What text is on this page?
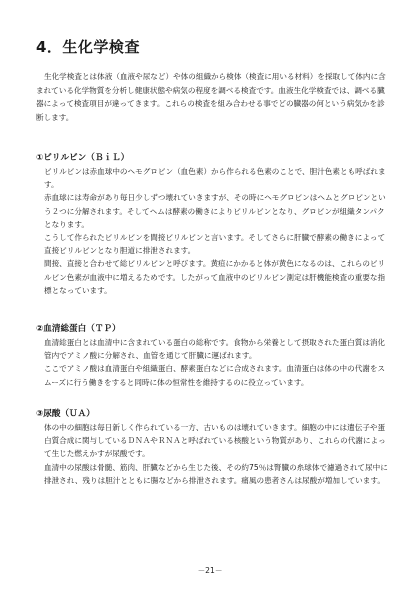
4．生化学検査

生化学検査とは体液（血液や尿など）や体の組織から検体（検査に用いる材料）を採取して体内に含まれている化学物質を分析し健康状態や病気の程度を調べる検査です。血液生化学検査では、調べる臓器によって検査項目が違ってきます。これらの検査を組み合わせる事でどの臓器の何という病気かを診断します。

①ビリルビン（ＢｉＬ）

ビリルビンは赤血球中のヘモグロビン（血色素）から作られる色素のことで、胆汁色素とも呼ばれます。

赤血球には寿命があり毎日少しずつ壊れていきますが、その時にヘモグロビンはヘムとグロビンという２つに分解されます。そしてヘムは酵素の働きによりビリルビンとなり、グロビンが組織タンパクとなります。

こうして作られたビリルビンを間接ビリルビンと言います。そしてさらに肝臓で酵素の働きによって直接ビリルビンとなり胆道に排泄されます。

間接、直接と合わせて総ビリルビンと呼びます。黄疸にかかると体が黄色になるのは、これらのビリルビン色素が血液中に増えるためです。したがって血液中のビリルビン測定は肝機能検査の重要な指標となっています。

②血清総蛋白（ＴＰ）

血清総蛋白とは血清中に含まれている蛋白の総称です。食物から栄養として摂取された蛋白質は消化管内でアミノ酸に分解され、血管を通じて肝臓に運ばれます。

ここでアミノ酸は血清蛋白や組織蛋白、酵素蛋白などに合成されます。血清蛋白は体の中の代謝をスムーズに行う働きをすると同時に体の恒常性を維持するのに役立っています。

③尿酸（ＵＡ）

体の中の細胞は毎日新しく作られている一方、古いものは壊れていきます。細胞の中には遺伝子や蛋白質合成に関与しているＤＮＡやＲＮＡと呼ばれている核酸という物質があり、これらの代謝によって生じた燃えかすが尿酸です。

血清中の尿酸は骨髄、筋肉、肝臓などから生じた後、その約75％は腎臓の糸球体で濾過されて尿中に排泄され、残りは胆汁とともに腸などから排泄されます。痛風の患者さんは尿酸が増加しています。

－21－
